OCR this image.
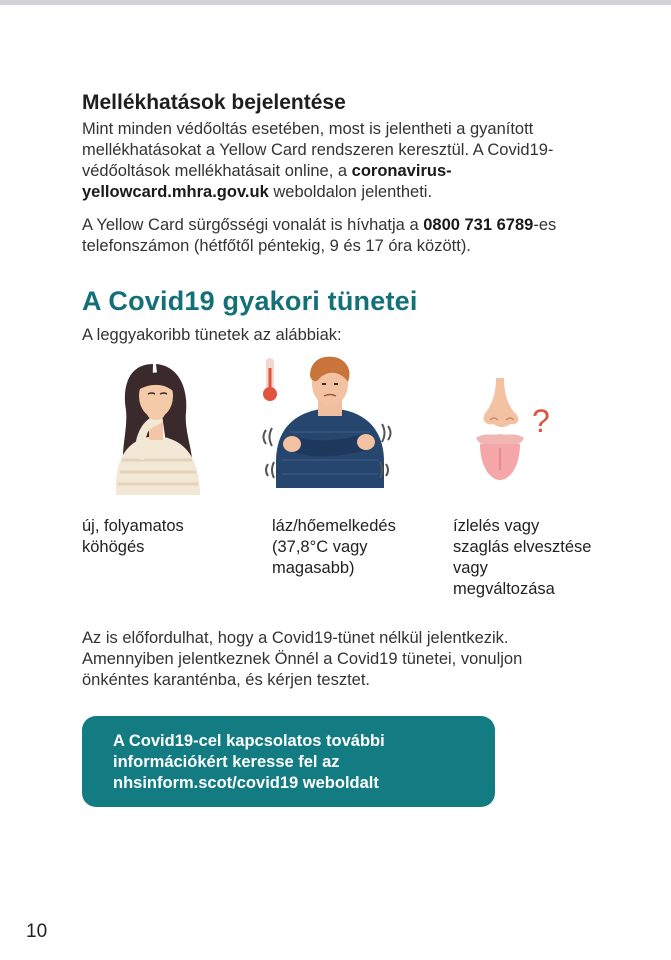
Mellékhatások bejelentése

Mint minden védőoltás esetében, most is jelentheti a gyanított mellékhatásokat a Yellow Card rendszeren keresztül. A Covid19-védőoltások mellékhatásait online, a coronavirus-yellowcard.mhra.gov.uk weboldalon jelentheti.

A Yellow Card sürgősségi vonalát is hívhatja a 0800 731 6789-es telefonszámon (hétfőtől péntekig, 9 és 17 óra között).

A Covid19 gyakori tünetei

A leggyakoribb tünetek az alábbiak:

?
új, folyamatos köhögés
láz/hőemelkedés (37,8°C vagy magasabb)
ízlelés vagy szaglás elvesztése vagy megváltozása

Az is előfordulhat, hogy a Covid19-tünet nélkül jelentkezik. Amennyiben jelentkeznek Önnél a Covid19 tünetei, vonuljon önkéntes karanténba, és kérjen tesztet.

A Covid19-cel kapcsolatos további információkért keresse fel az nhsinform.scot/covid19 weboldalt

10
